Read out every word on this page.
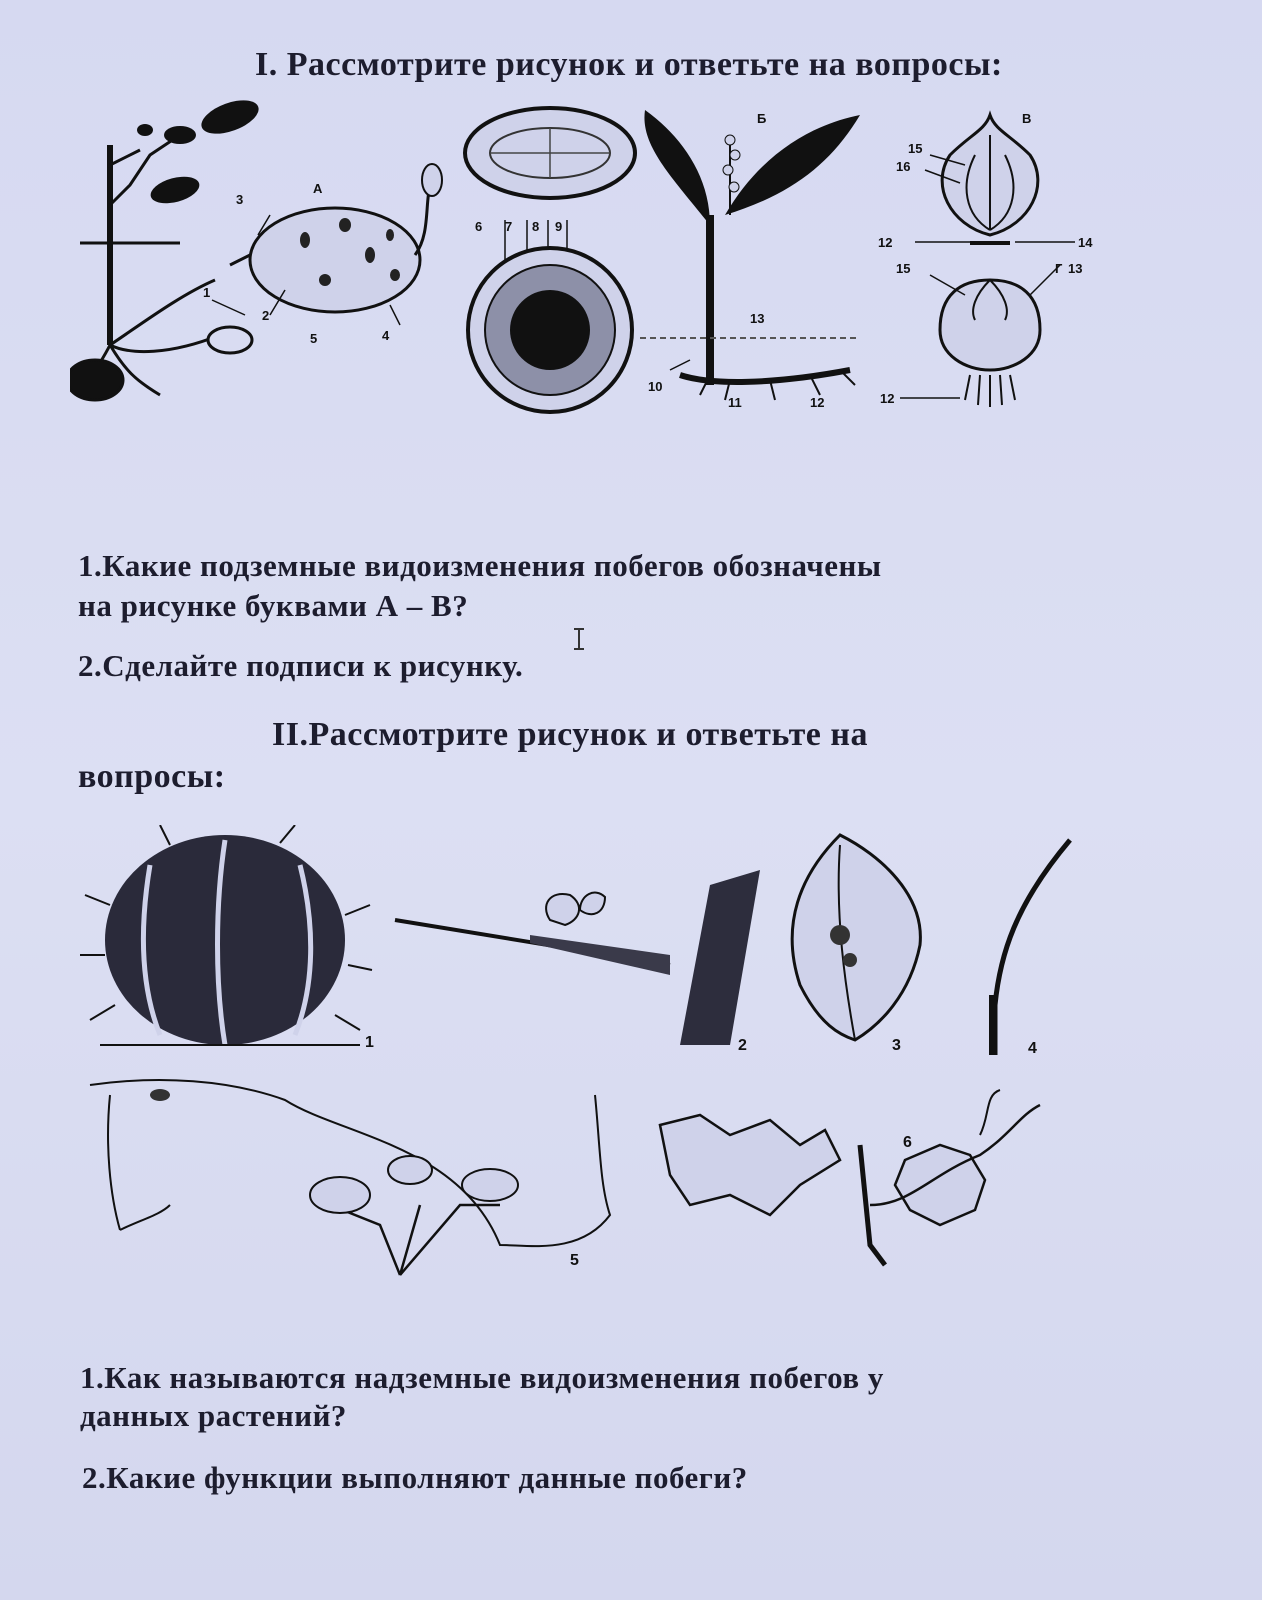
I. Рассмотрите рисунок и ответьте на вопросы:
А
1
2
3
4
5
6 7 8 9
Б
10
11	12
13
В
15
16
12	14
15	Г 13
12
1.Какие подземные видоизменения побегов обозначены
на рисунке буквами А – В?
2.Сделайте подписи к рисунку.
II.Рассмотрите рисунок и ответьте на
вопросы:
1	2	3	4
5
6
1.Как называются надземные видоизменения побегов у
данных растений?
2.Какие функции выполняют данные побеги?
